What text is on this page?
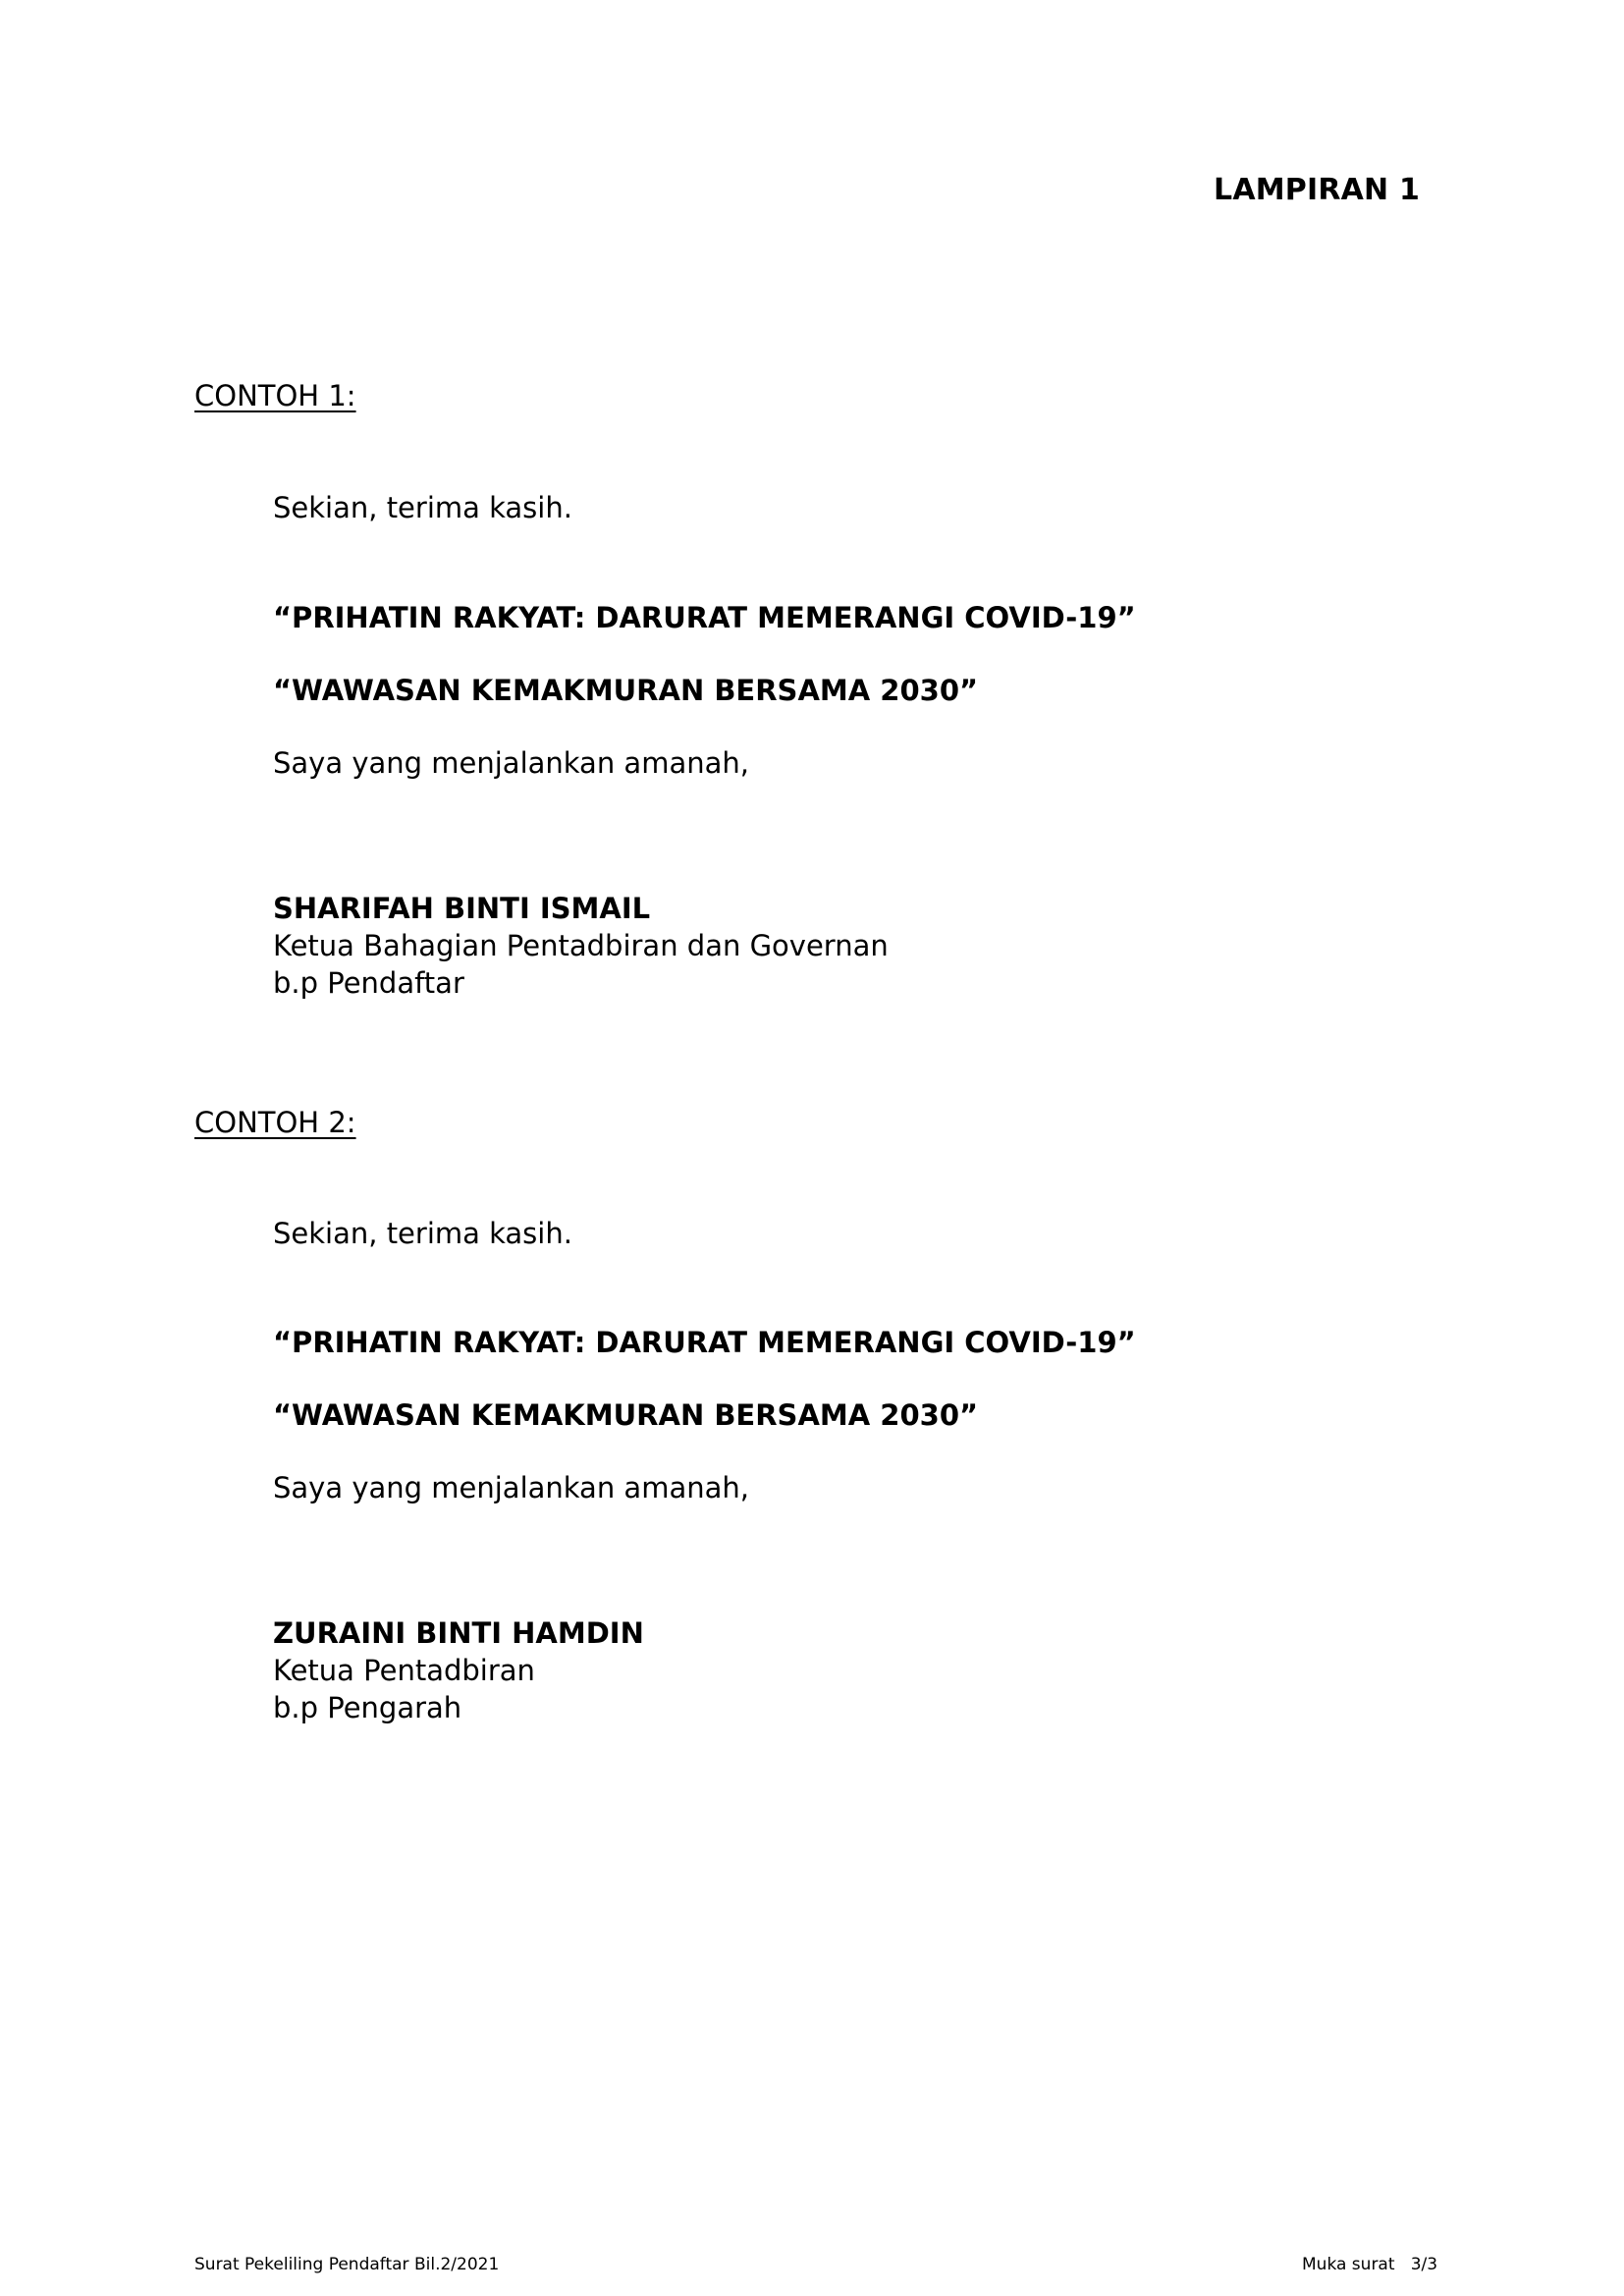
LAMPIRAN 1
CONTOH 1:
Sekian, terima kasih.
“PRIHATIN RAKYAT: DARURAT MEMERANGI COVID-19”
“WAWASAN KEMAKMURAN BERSAMA 2030”
Saya yang menjalankan amanah,
SHARIFAH BINTI ISMAIL
Ketua Bahagian Pentadbiran dan Governan
b.p Pendaftar
CONTOH 2:
Sekian, terima kasih.
“PRIHATIN RAKYAT: DARURAT MEMERANGI COVID-19”
“WAWASAN KEMAKMURAN BERSAMA 2030”
Saya yang menjalankan amanah,
ZURAINI BINTI HAMDIN
Ketua Pentadbiran
b.p Pengarah
Surat Pekeliling Pendaftar Bil.2/2021	Muka surat   3/3
